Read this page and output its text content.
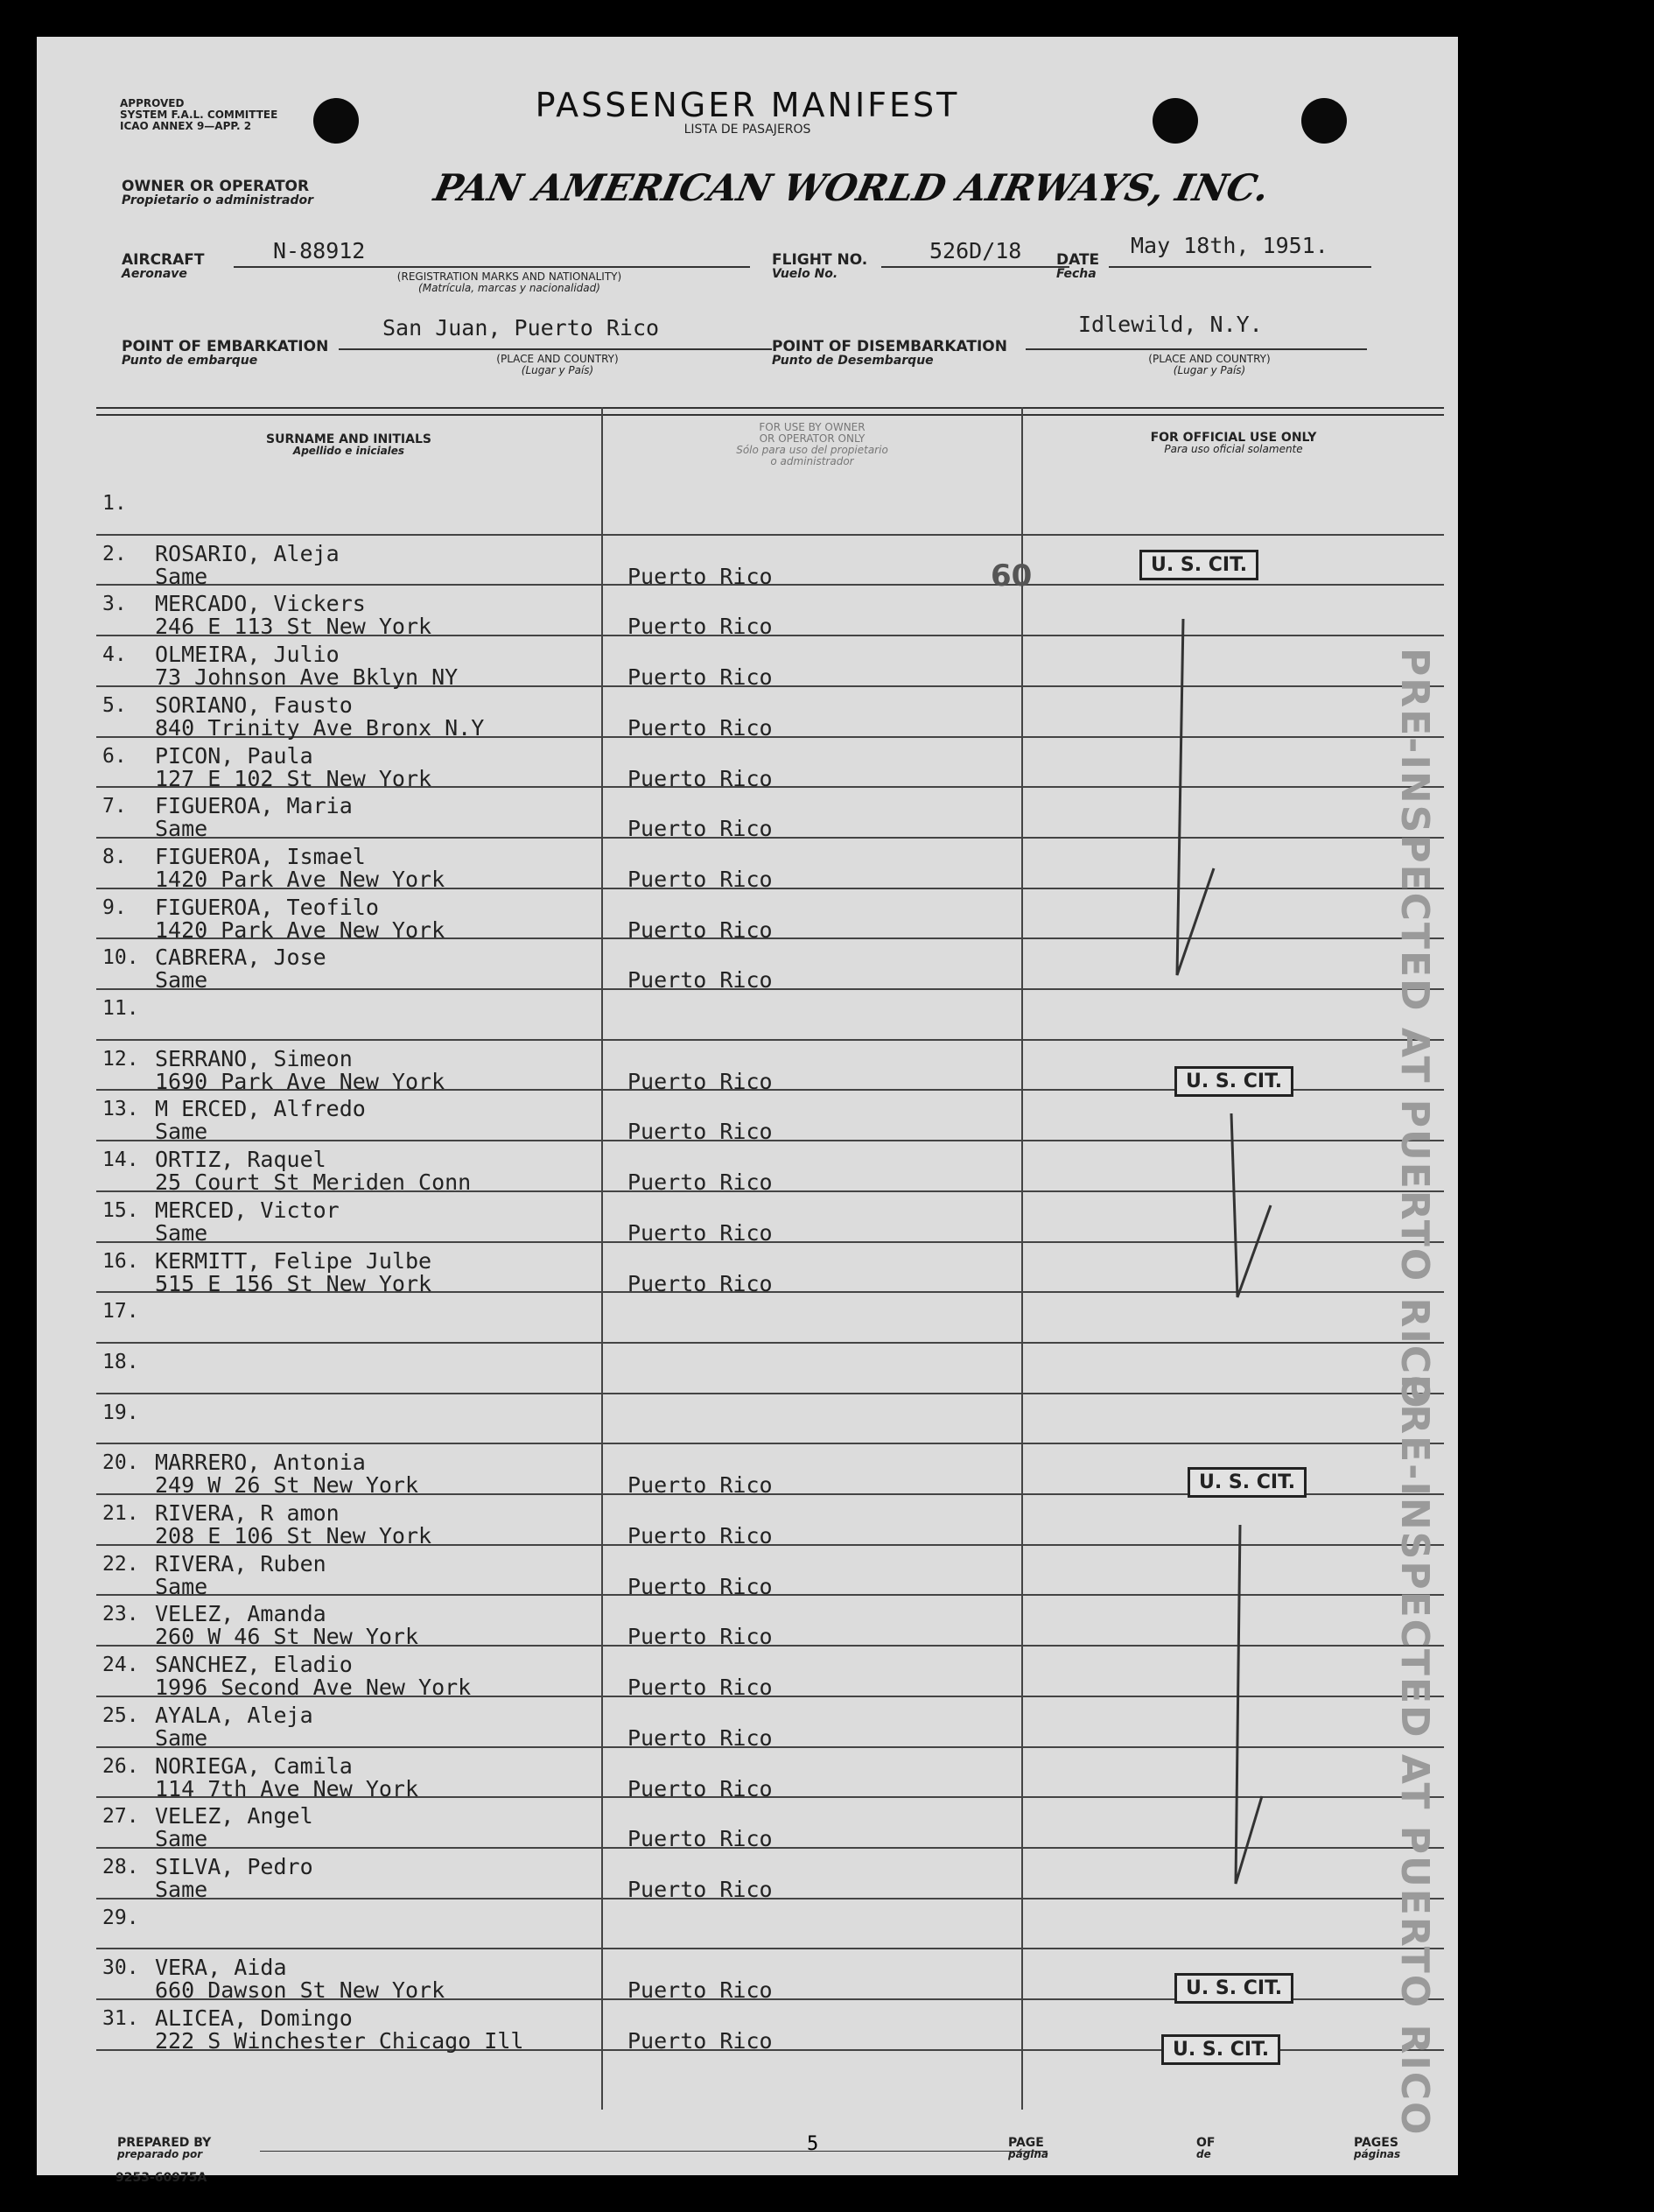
APPROVED
SYSTEM F.A.L. COMMITTEE
ICAO ANNEX 9—APP. 2
PASSENGER MANIFEST
LISTA DE PASAJEROS
OWNER OR OPERATOR
Propietario o administrador	PAN AMERICAN WORLD AIRWAYS, INC.
AIRCRAFT
Aeronave
N-88912
(REGISTRATION MARKS AND NATIONALITY)
(Matrícula, marcas y nacionalidad)
FLIGHT NO.
Vuelo No.
526D/18 DATE
Fecha
May 18th, 1951.
POINT OF EMBARKATION
Punto de embarque
San Juan, Puerto Rico
(PLACE AND COUNTRY)
(Lugar y País)
POINT OF DISEMBARKATION
Punto de Desembarque
Idlewild, N.Y.
(PLACE AND COUNTRY)
(Lugar y País)
SURNAME AND INITIALS
Apellido e iniciales
FOR USE BY OWNER
OR OPERATOR ONLY
Sólo para uso del propietario
o administrador
FOR OFFICIAL USE ONLY
Para uso oficial solamente
1.
2. ROSARIO, Aleja
Same	Puerto Rico
3. MERCADO, Vickers
246 E 113 St New York	Puerto Rico
4. OLMEIRA, Julio
73 Johnson Ave Bklyn NY	Puerto Rico
5. SORIANO, Fausto
840 Trinity Ave Bronx N.Y	Puerto Rico
6. PICON, Paula
127 E 102 St New York	Puerto Rico
7. FIGUEROA, Maria
Same	Puerto Rico
8. FIGUEROA, Ismael
1420 Park Ave New York	Puerto Rico
9. FIGUEROA, Teofilo
1420 Park Ave New York	Puerto Rico
10. CABRERA, Jose
Same	Puerto Rico
11.
12. SERRANO, Simeon
1690 Park Ave New York	Puerto Rico
13. M ERCED, Alfredo
Same	Puerto Rico
14. ORTIZ, Raquel
25 Court St Meriden Conn	Puerto Rico
15. MERCED, Victor
Same	Puerto Rico
16. KERMITT, Felipe Julbe
515 E 156 St New York	Puerto Rico
17.
18.
19.
20. MARRERO, Antonia
249 W 26 St New York	Puerto Rico
21. RIVERA, R amon
208 E 106 St New York	Puerto Rico
22. RIVERA, Ruben
Same	Puerto Rico
23. VELEZ, Amanda
260 W 46 St New York	Puerto Rico
24. SANCHEZ, Eladio
1996 Second Ave New York	Puerto Rico
25. AYALA, Aleja
Same	Puerto Rico
26. NORIEGA, Camila
114 7th Ave New York	Puerto Rico
27. VELEZ, Angel
Same	Puerto Rico
28. SILVA, Pedro
Same	Puerto Rico
29.
30. VERA, Aida
660 Dawson St New York	Puerto Rico
31. ALICEA, Domingo
222 S Winchester Chicago Ill	Puerto Rico
U. S. CIT.
U. S. CIT.
U. S. CIT.
U. S. CIT.
U. S. CIT.
60
PRE-INSPECTED AT PUERTO RICO
PRE-INSPECTED AT PUERTO RICO
PREPARED BY
preparado por	5	PAGE
página
OF
de
PAGES
páginas
9253-60975A
